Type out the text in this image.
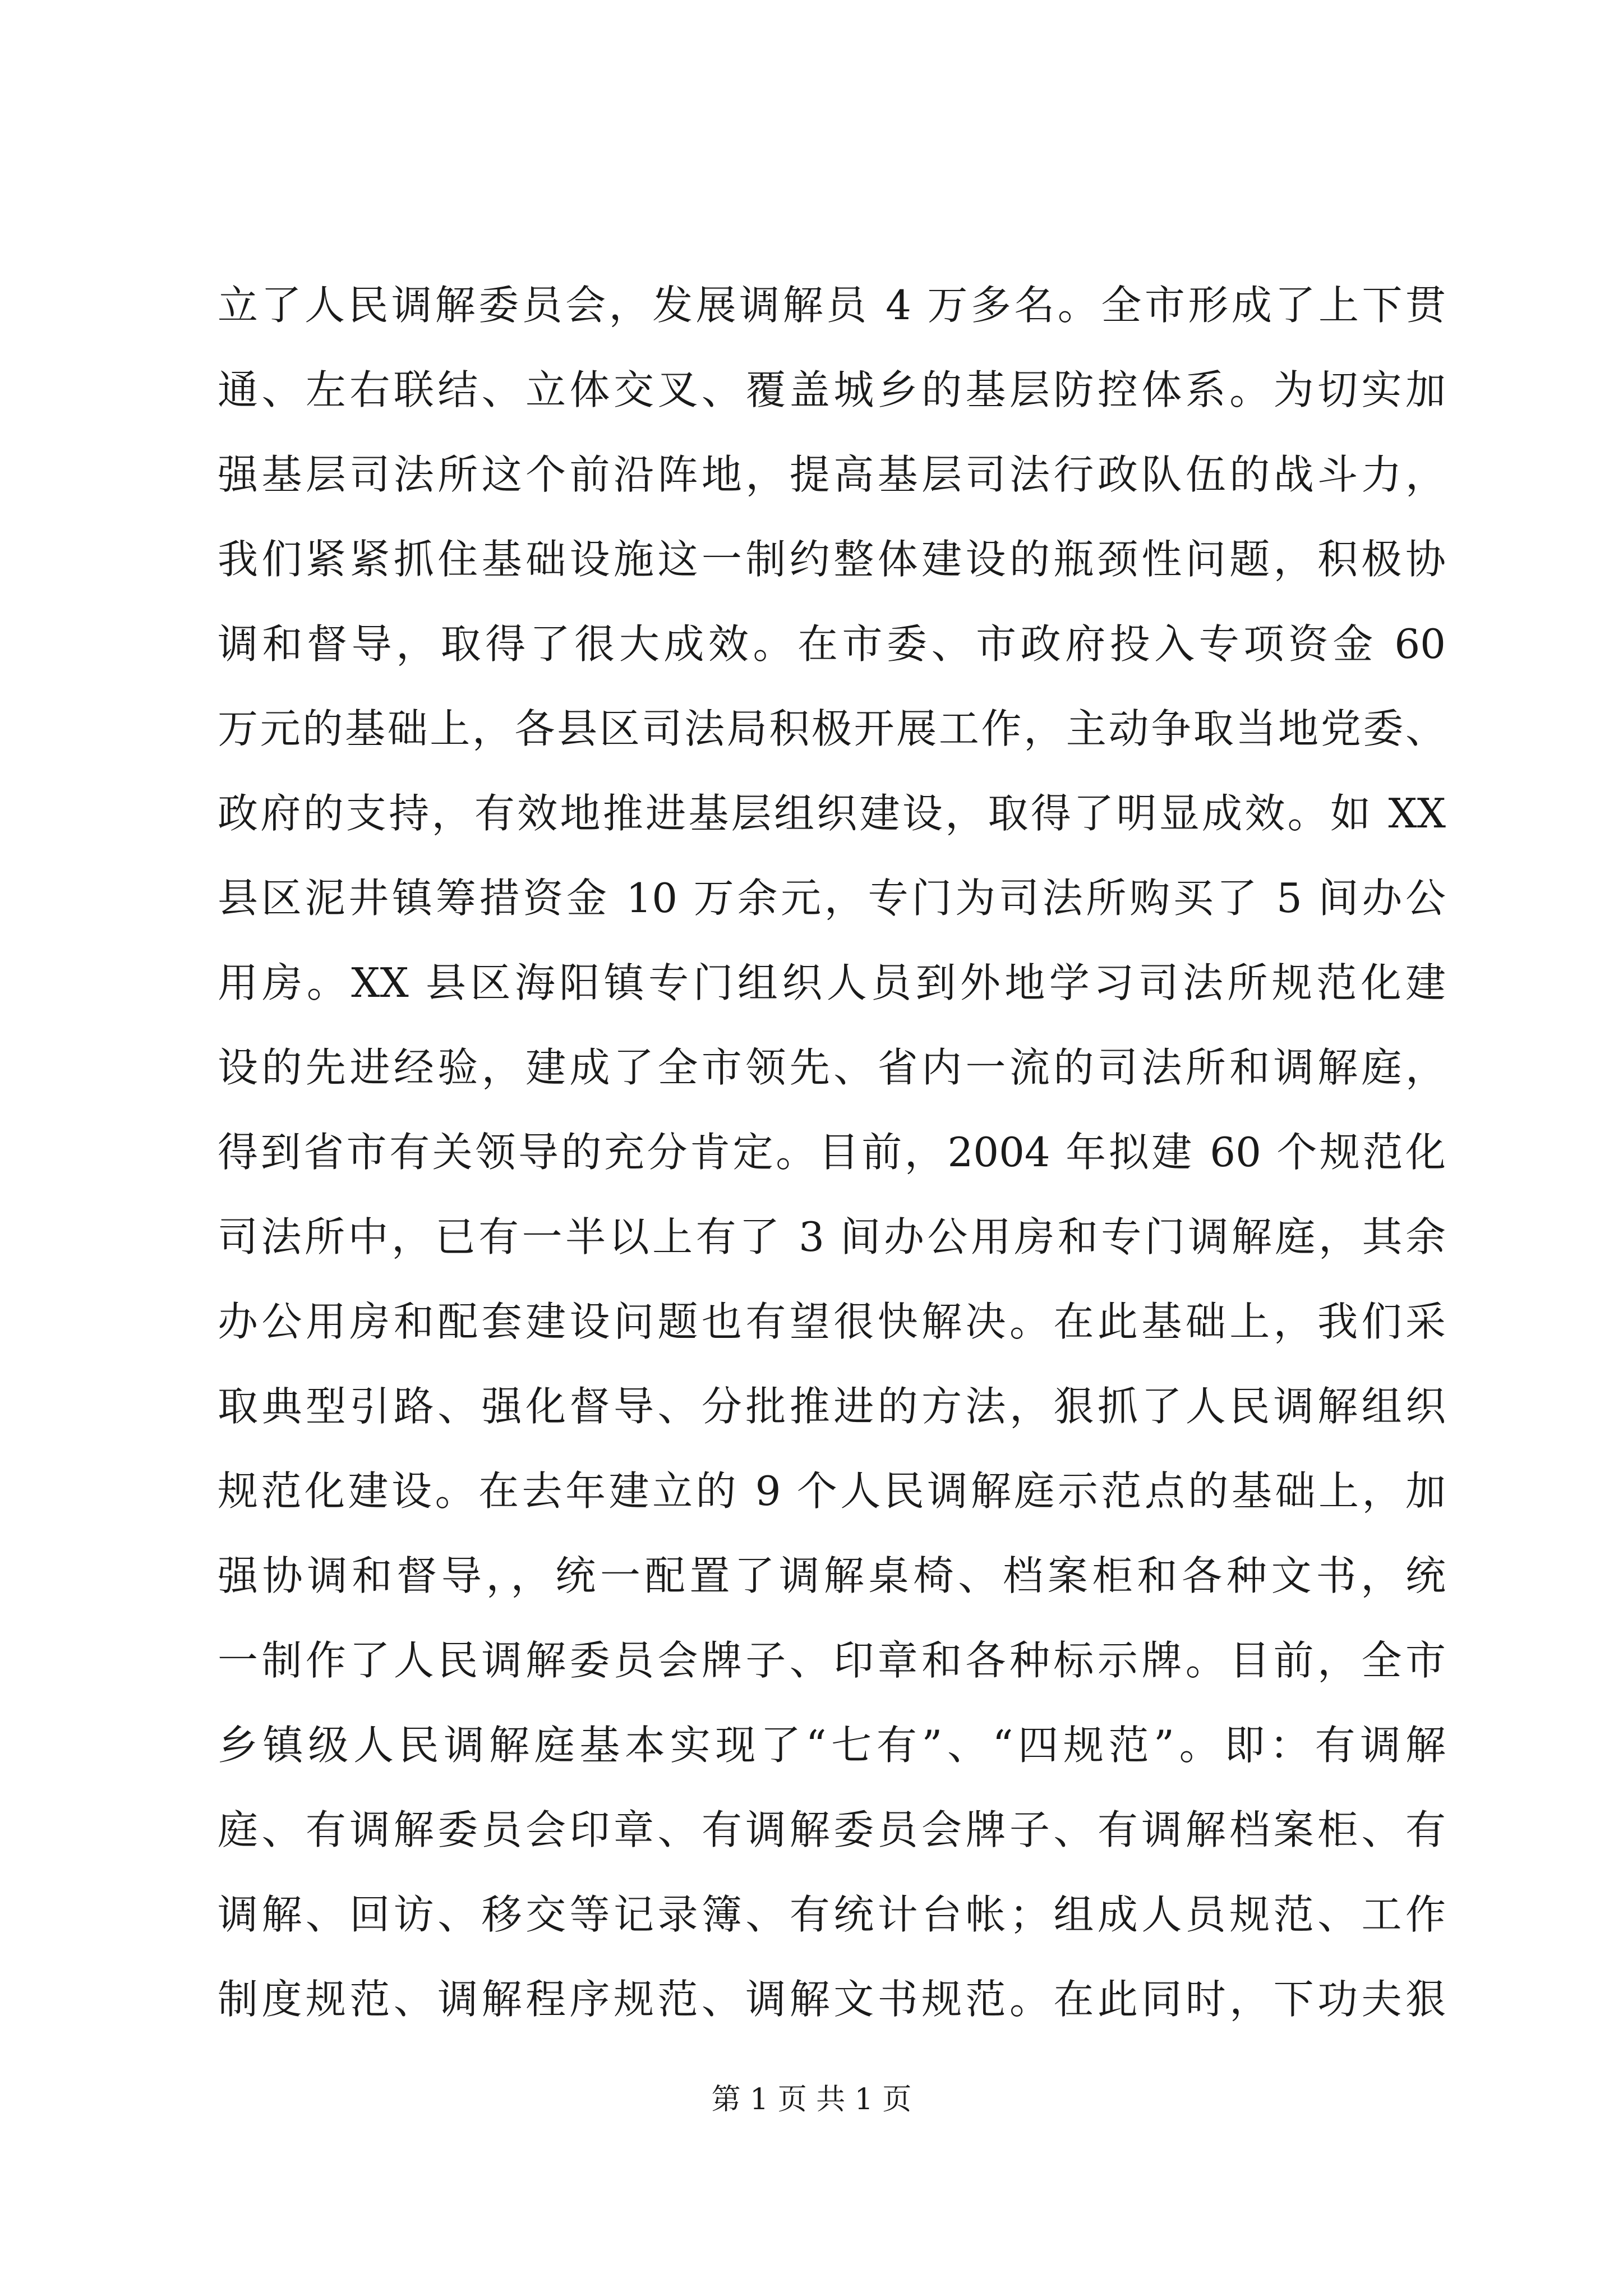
立了人民调解委员会，发展调解员 4 万多名。全市形成了上下贯
通、左右联结、立体交叉、覆盖城乡的基层防控体系。为切实加
强基层司法所这个前沿阵地，提高基层司法行政队伍的战斗力，
我们紧紧抓住基础设施这一制约整体建设的瓶颈性问题，积极协
调和督导，取得了很大成效。在市委、市政府投入专项资金 60
万元的基础上，各县区司法局积极开展工作，主动争取当地党委、
政府的支持，有效地推进基层组织建设，取得了明显成效。如 XX
县区泥井镇筹措资金 10 万余元，专门为司法所购买了 5 间办公
用房。XX 县区海阳镇专门组织人员到外地学习司法所规范化建
设的先进经验，建成了全市领先、省内一流的司法所和调解庭，
得到省市有关领导的充分肯定。目前，2004 年拟建 60 个规范化
司法所中，已有一半以上有了 3 间办公用房和专门调解庭，其余
办公用房和配套建设问题也有望很快解决。在此基础上，我们采
取典型引路、强化督导、分批推进的方法，狠抓了人民调解组织
规范化建设。在去年建立的 9 个人民调解庭示范点的基础上，加
强协调和督导，，统一配置了调解桌椅、档案柜和各种文书，统
一制作了人民调解委员会牌子、印章和各种标示牌。目前，全市
乡镇级人民调解庭基本实现了“七有”、“四规范”。即：有调解
庭、有调解委员会印章、有调解委员会牌子、有调解档案柜、有
调解、回访、移交等记录簿、有统计台帐；组成人员规范、工作
制度规范、调解程序规范、调解文书规范。在此同时，下功夫狠
第 1 页 共 1 页
